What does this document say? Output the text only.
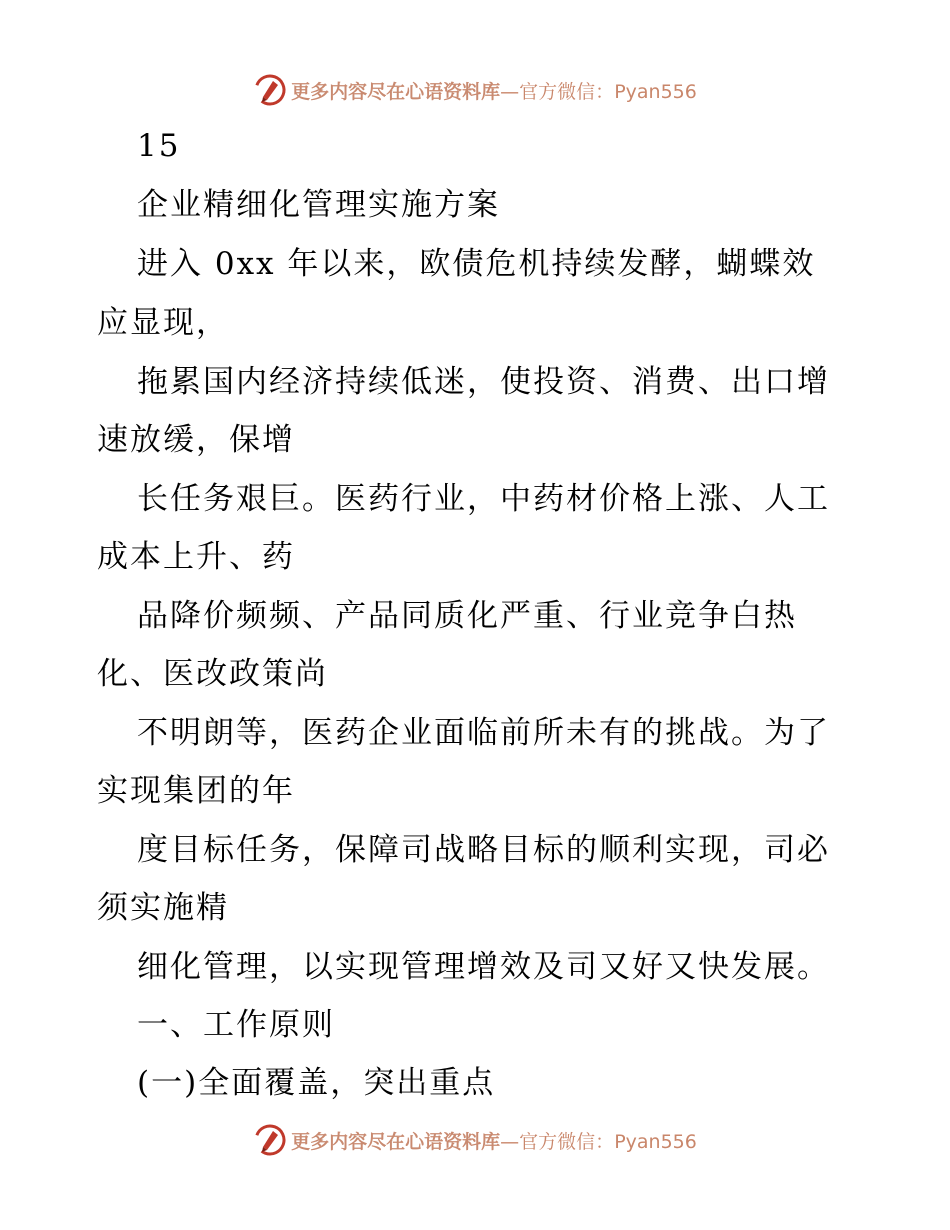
更多内容尽在心语资料库—官方微信：Pyan556
15
企业精细化管理实施方案
进入 0xx 年以来，欧债危机持续发酵，蝴蝶效
应显现，
拖累国内经济持续低迷，使投资、消费、出口增
速放缓，保增
长任务艰巨。医药行业，中药材价格上涨、人工
成本上升、药
品降价频频、产品同质化严重、行业竞争白热
化、医改政策尚
不明朗等，医药企业面临前所未有的挑战。为了
实现集团的年
度目标任务，保障司战略目标的顺利实现，司必
须实施精
细化管理，以实现管理增效及司又好又快发展。
一、工作原则
(一)全面覆盖，突出重点
更多内容尽在心语资料库—官方微信：Pyan556
